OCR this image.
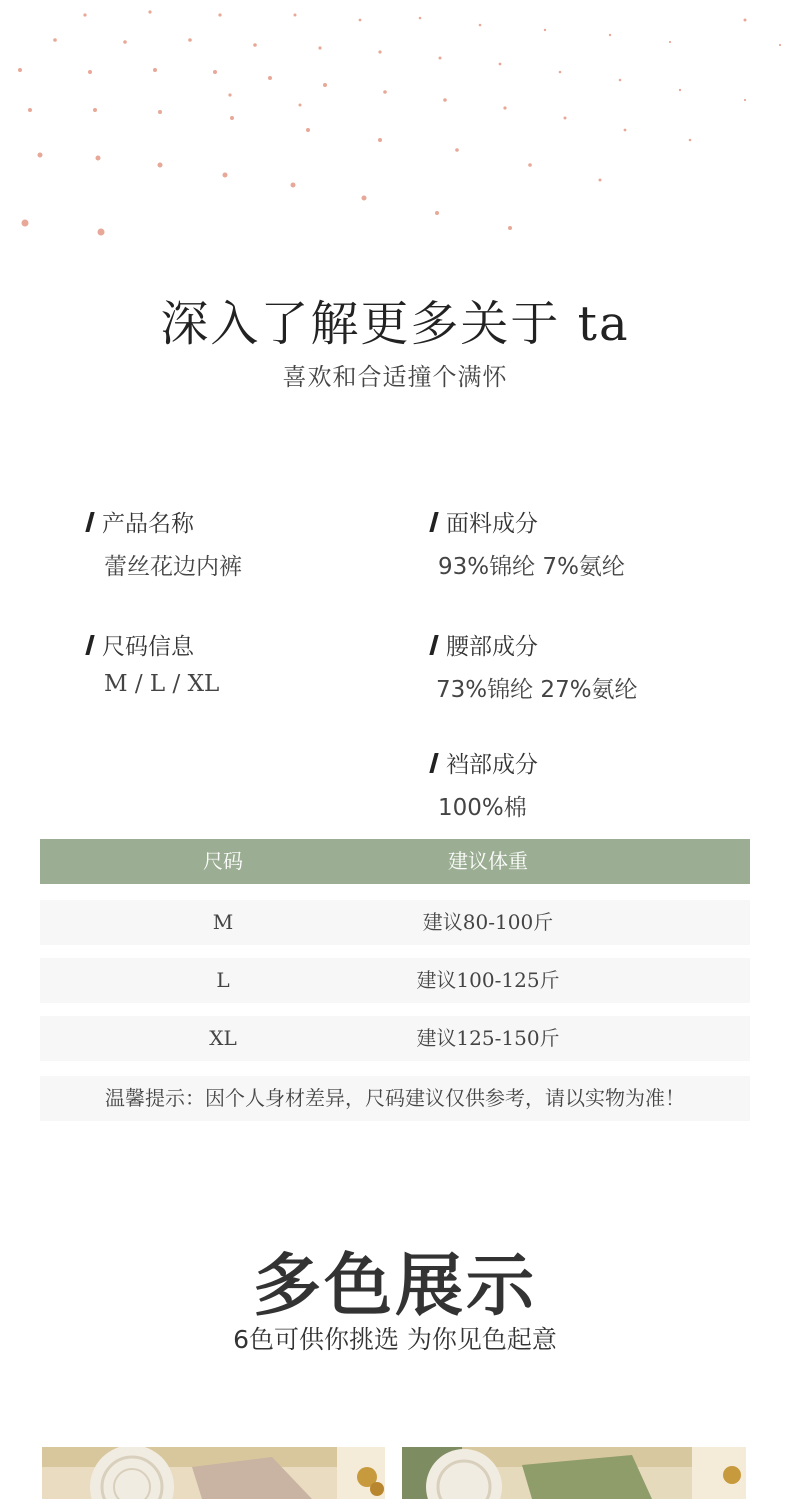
深入了解更多关于 ta
喜欢和合适撞个满怀
产品名称
蕾丝花边内裤
面料成分
93%锦纶 7%氨纶
尺码信息
M / L / XL
腰部成分
73%锦纶 27%氨纶
裆部成分
100%棉
尺码	建议体重
M	建议80-100斤
L	建议100-125斤
XL	建议125-150斤
温馨提示：因个人身材差异，尺码建议仅供参考，请以实物为准！
多色展示
6色可供你挑选 为你见色起意
